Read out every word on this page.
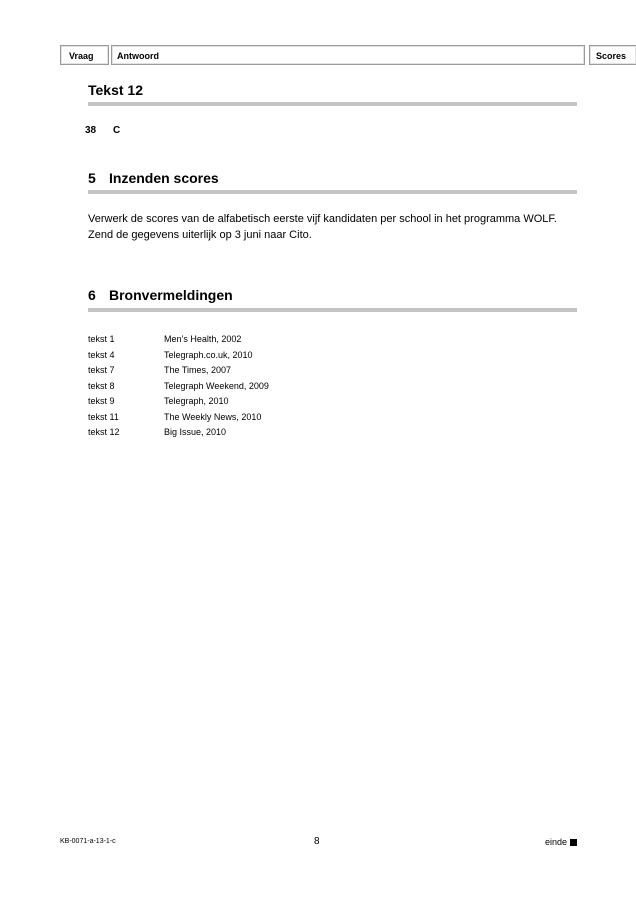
Vraag	Antwoord	Scores
Tekst 12
38 C
5 Inzenden scores

Verwerk de scores van de alfabetisch eerste vijf kandidaten per school in het programma WOLF.

Zend de gegevens uiterlijk op 3 juni naar Cito.

6 Bronvermeldingen
tekst 1	Men’s Health, 2002
tekst 4	Telegraph.co.uk, 2010
tekst 7	The Times, 2007
tekst 8	Telegraph Weekend, 2009
tekst 9	Telegraph, 2010
tekst 11	The Weekly News, 2010
tekst 12	Big Issue, 2010
KB-0071-a-13-1-c	8	einde
